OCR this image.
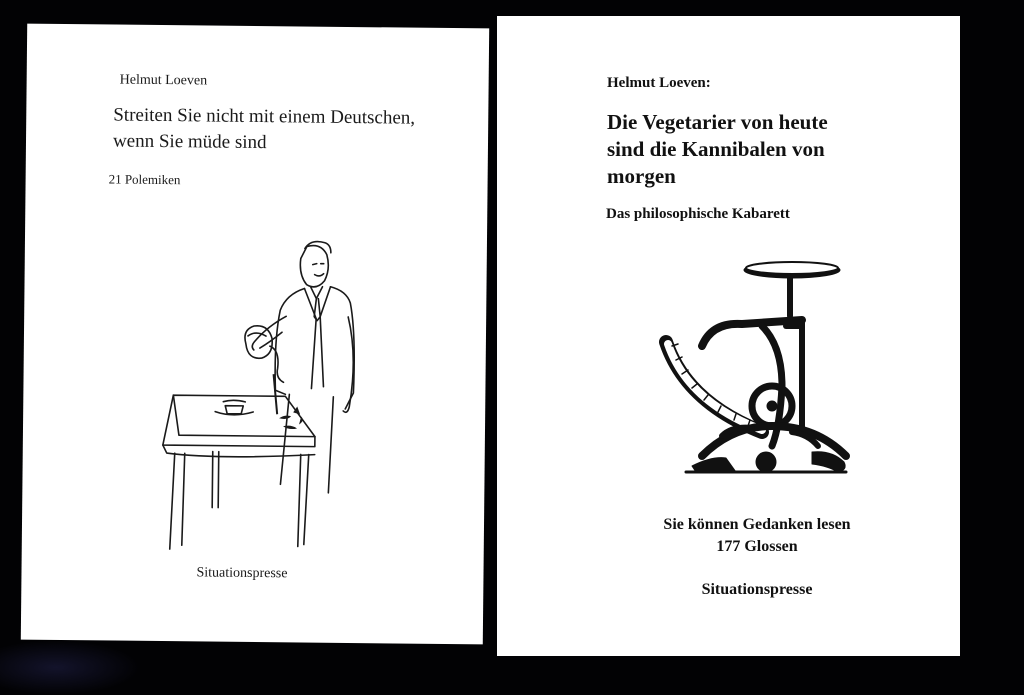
Helmut Loeven
Streiten Sie nicht mit einem Deutschen,
wenn Sie müde sind
21 Polemiken
Situationspresse
Helmut Loeven:
Die Vegetarier von heute
sind die Kannibalen von
morgen
Das philosophische Kabarett
Sie können Gedanken lesen
177 Glossen
Situationspresse
